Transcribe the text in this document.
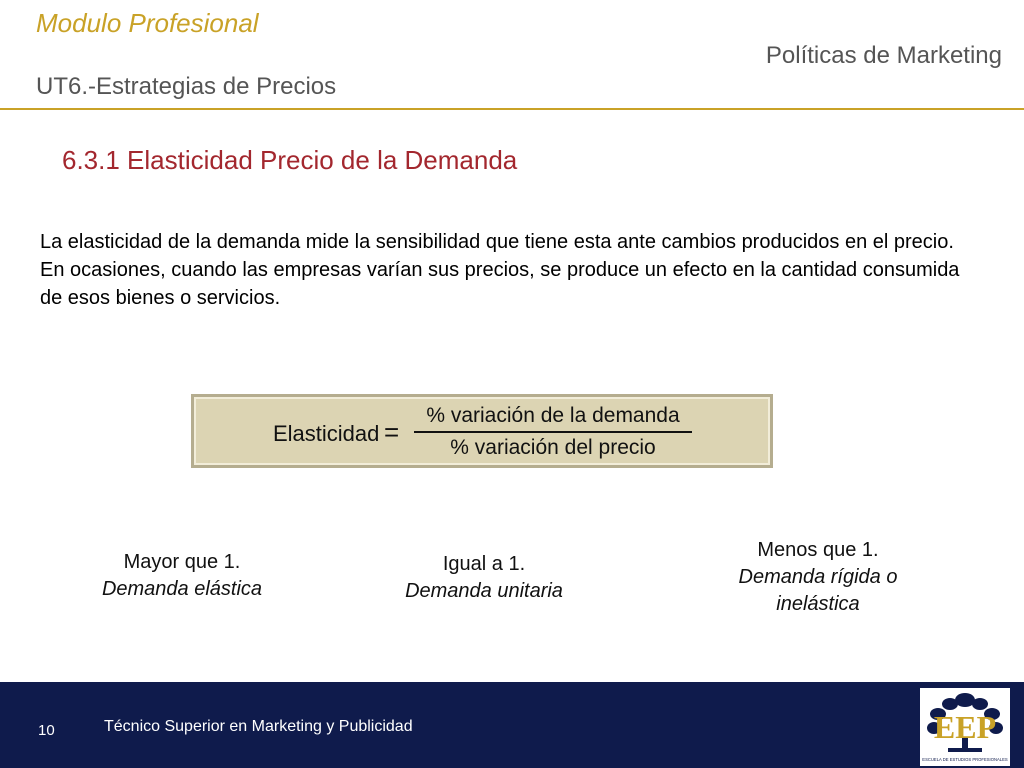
Modulo Profesional
UT6.-Estrategias de Precios
Políticas de Marketing
6.3.1 Elasticidad Precio de la Demanda

La elasticidad de la demanda mide la sensibilidad que tiene esta ante cambios producidos en el precio. En ocasiones, cuando las empresas varían sus precios, se produce un efecto en la cantidad consumida de esos bienes o servicios.

Elasticidad =
% variación de la demanda
% variación del precio
Mayor que 1.
Demanda elástica
Igual a 1.
Demanda unitaria
Menos que 1.
Demanda rígida o inelástica
10	Técnico Superior en Marketing y Publicidad	EEP
ESCUELA DE ESTUDIOS PROFESIONALES
